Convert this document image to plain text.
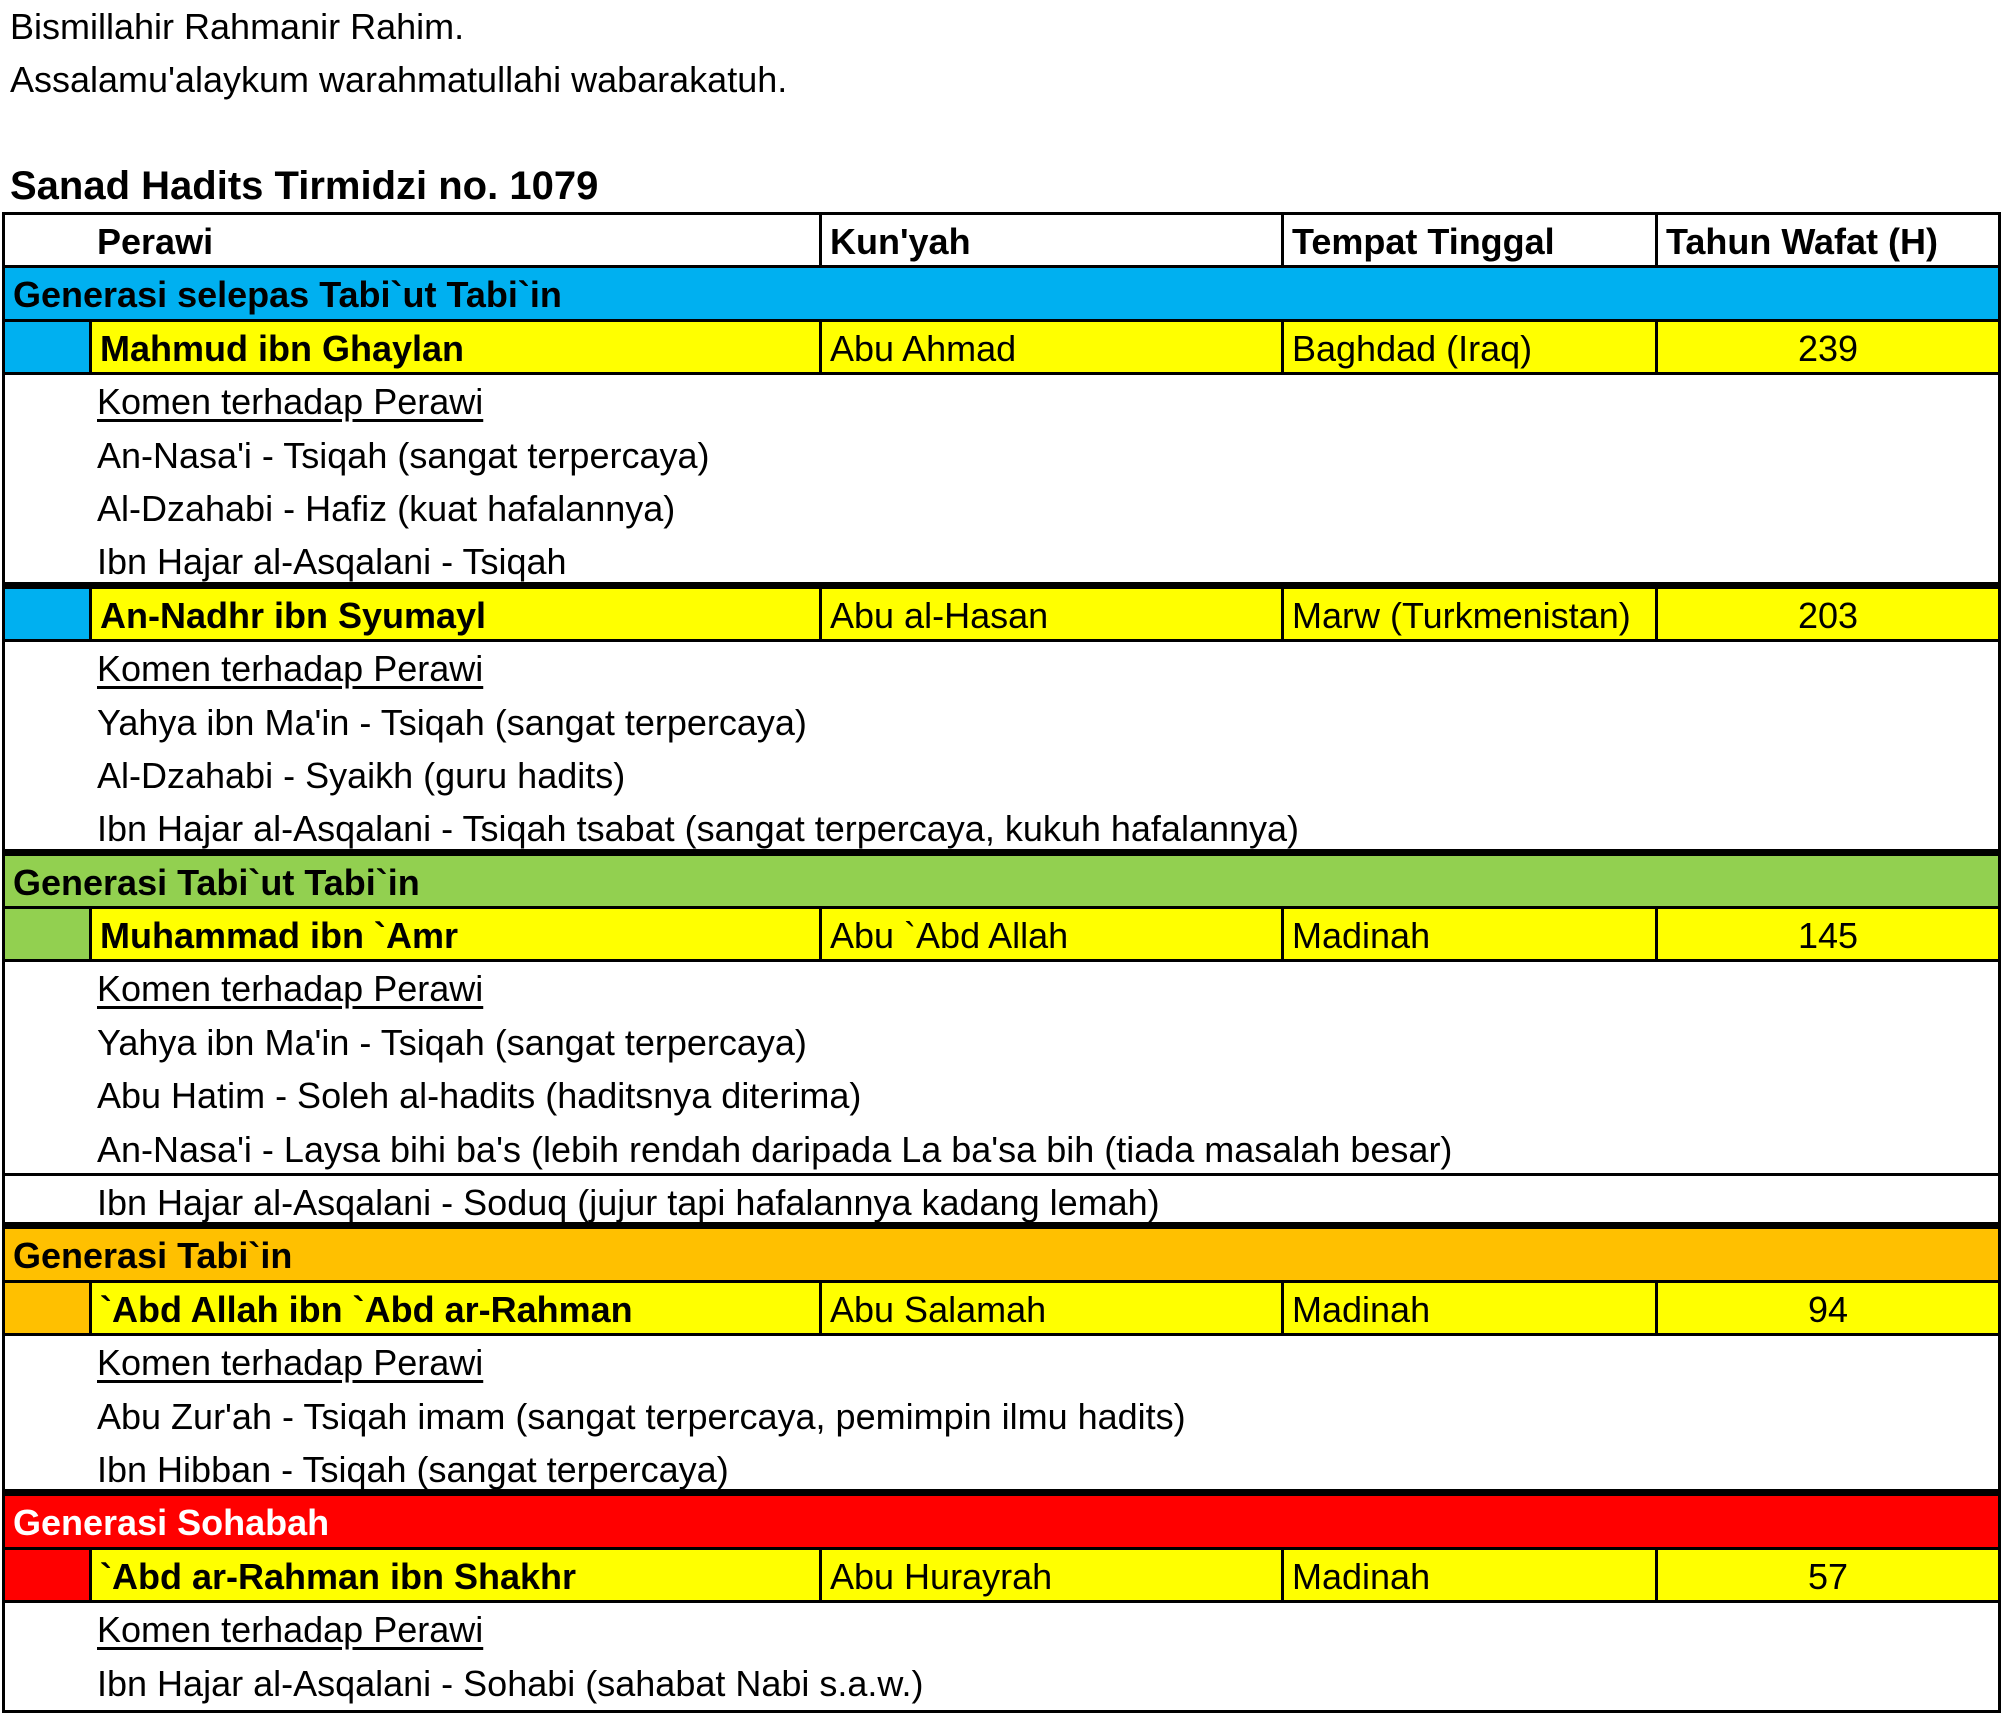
Bismillahir Rahmanir Rahim.
Assalamu'alaykum warahmatullahi wabarakatuh.
Sanad Hadits Tirmidzi no. 1079
Perawi	Kun'yah	Tempat Tinggal	Tahun Wafat (H)
Generasi selepas Tabi`ut Tabi`in
Mahmud ibn Ghaylan	Abu Ahmad	Baghdad (Iraq)	239
Komen terhadap Perawi
An-Nasa'i - Tsiqah (sangat terpercaya)
Al-Dzahabi - Hafiz (kuat hafalannya)
Ibn Hajar al-Asqalani - Tsiqah
An-Nadhr ibn Syumayl	Abu al-Hasan	Marw (Turkmenistan)	203
Komen terhadap Perawi
Yahya ibn Ma'in - Tsiqah (sangat terpercaya)
Al-Dzahabi - Syaikh (guru hadits)
Ibn Hajar al-Asqalani - Tsiqah tsabat (sangat terpercaya, kukuh hafalannya)
Generasi Tabi`ut Tabi`in
Muhammad ibn `Amr	Abu `Abd Allah	Madinah	145
Komen terhadap Perawi
Yahya ibn Ma'in - Tsiqah (sangat terpercaya)
Abu Hatim - Soleh al-hadits (haditsnya diterima)
An-Nasa'i - Laysa bihi ba's (lebih rendah daripada La ba'sa bih (tiada masalah besar)
Ibn Hajar al-Asqalani - Soduq (jujur tapi hafalannya kadang lemah)
Generasi Tabi`in
`Abd Allah ibn `Abd ar-Rahman	Abu Salamah	Madinah	94
Komen terhadap Perawi
Abu Zur'ah - Tsiqah imam (sangat terpercaya, pemimpin ilmu hadits)
Ibn Hibban - Tsiqah (sangat terpercaya)
Generasi Sohabah
`Abd ar-Rahman ibn Shakhr	Abu Hurayrah	Madinah	57
Komen terhadap Perawi
Ibn Hajar al-Asqalani - Sohabi (sahabat Nabi s.a.w.)
